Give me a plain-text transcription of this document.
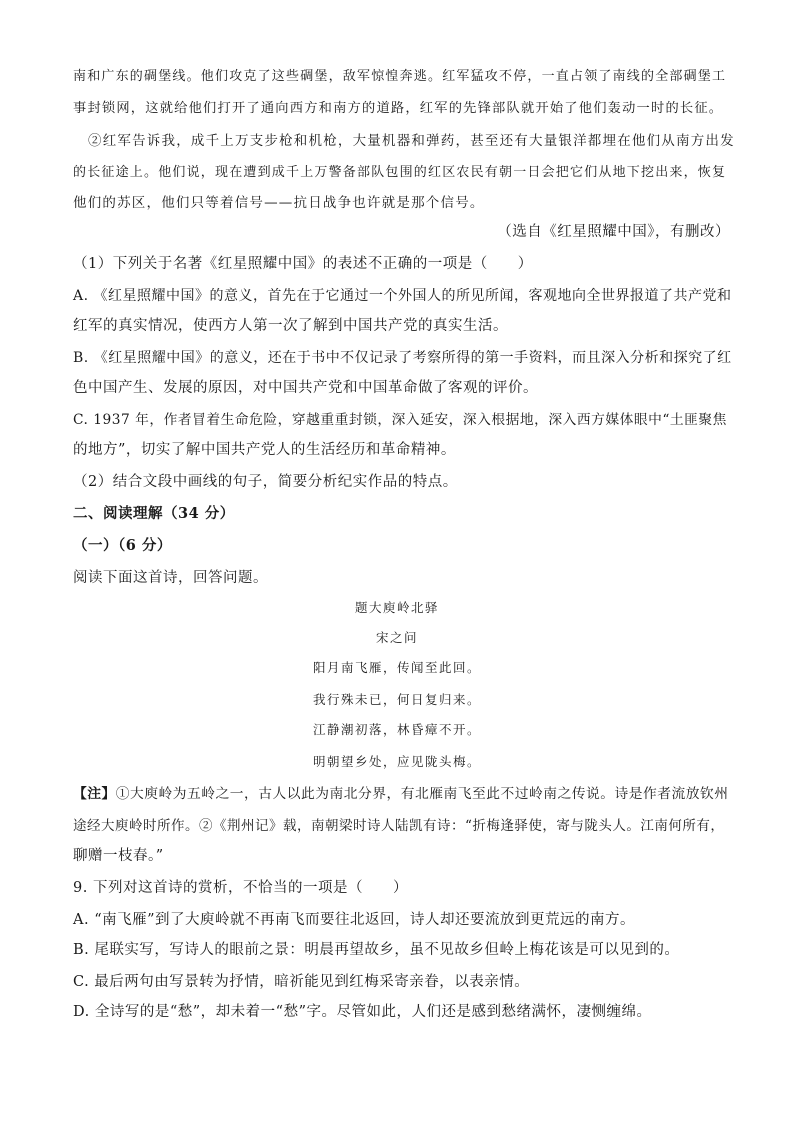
南和广东的碉堡线。他们攻克了这些碉堡，敌军惊惶奔逃。红军猛攻不停，一直占领了南线的全部碉堡工
事封锁网，这就给他们打开了通向西方和南方的道路，红军的先锋部队就开始了他们轰动一时的长征。
②红军告诉我，成千上万支步枪和机枪，大量机器和弹药，甚至还有大量银洋都埋在他们从南方出发
的长征途上。他们说，现在遭到成千上万警备部队包围的红区农民有朝一日会把它们从地下挖出来，恢复
他们的苏区，他们只等着信号——抗日战争也许就是那个信号。
（选自《红星照耀中国》，有删改）
（1）下列关于名著《红星照耀中国》的表述不正确的一项是（　　）
A. 《红星照耀中国》的意义，首先在于它通过一个外国人的所见所闻，客观地向全世界报道了共产党和
红军的真实情况，使西方人第一次了解到中国共产党的真实生活。
B. 《红星照耀中国》的意义，还在于书中不仅记录了考察所得的第一手资料，而且深入分析和探究了红
色中国产生、发展的原因，对中国共产党和中国革命做了客观的评价。
C. 1937 年，作者冒着生命危险，穿越重重封锁，深入延安，深入根据地，深入西方媒体眼中“土匪聚焦
的地方”，切实了解中国共产党人的生活经历和革命精神。
（2）结合文段中画线的句子，简要分析纪实作品的特点。
二、阅读理解（34 分）
（一）（6 分）
阅读下面这首诗，回答问题。
题大庾岭北驿
宋之问
阳月南飞雁，传闻至此回。
我行殊未已，何日复归来。
江静潮初落，林昏瘴不开。
明朝望乡处，应见陇头梅。
【注】①大庾岭为五岭之一，古人以此为南北分界，有北雁南飞至此不过岭南之传说。诗是作者流放钦州
途经大庾岭时所作。②《荆州记》载，南朝梁时诗人陆凯有诗：“折梅逢驿使，寄与陇头人。江南何所有，
聊赠一枝春。”
9. 下列对这首诗的赏析，不恰当的一项是（　　）
A. “南飞雁”到了大庾岭就不再南飞而要往北返回，诗人却还要流放到更荒远的南方。
B. 尾联实写，写诗人的眼前之景：明晨再望故乡，虽不见故乡但岭上梅花该是可以见到的。
C. 最后两句由写景转为抒情，暗祈能见到红梅采寄亲眷，以表亲情。
D. 全诗写的是“愁”，却未着一“愁”字。尽管如此，人们还是感到愁绪满怀，凄恻缠绵。
